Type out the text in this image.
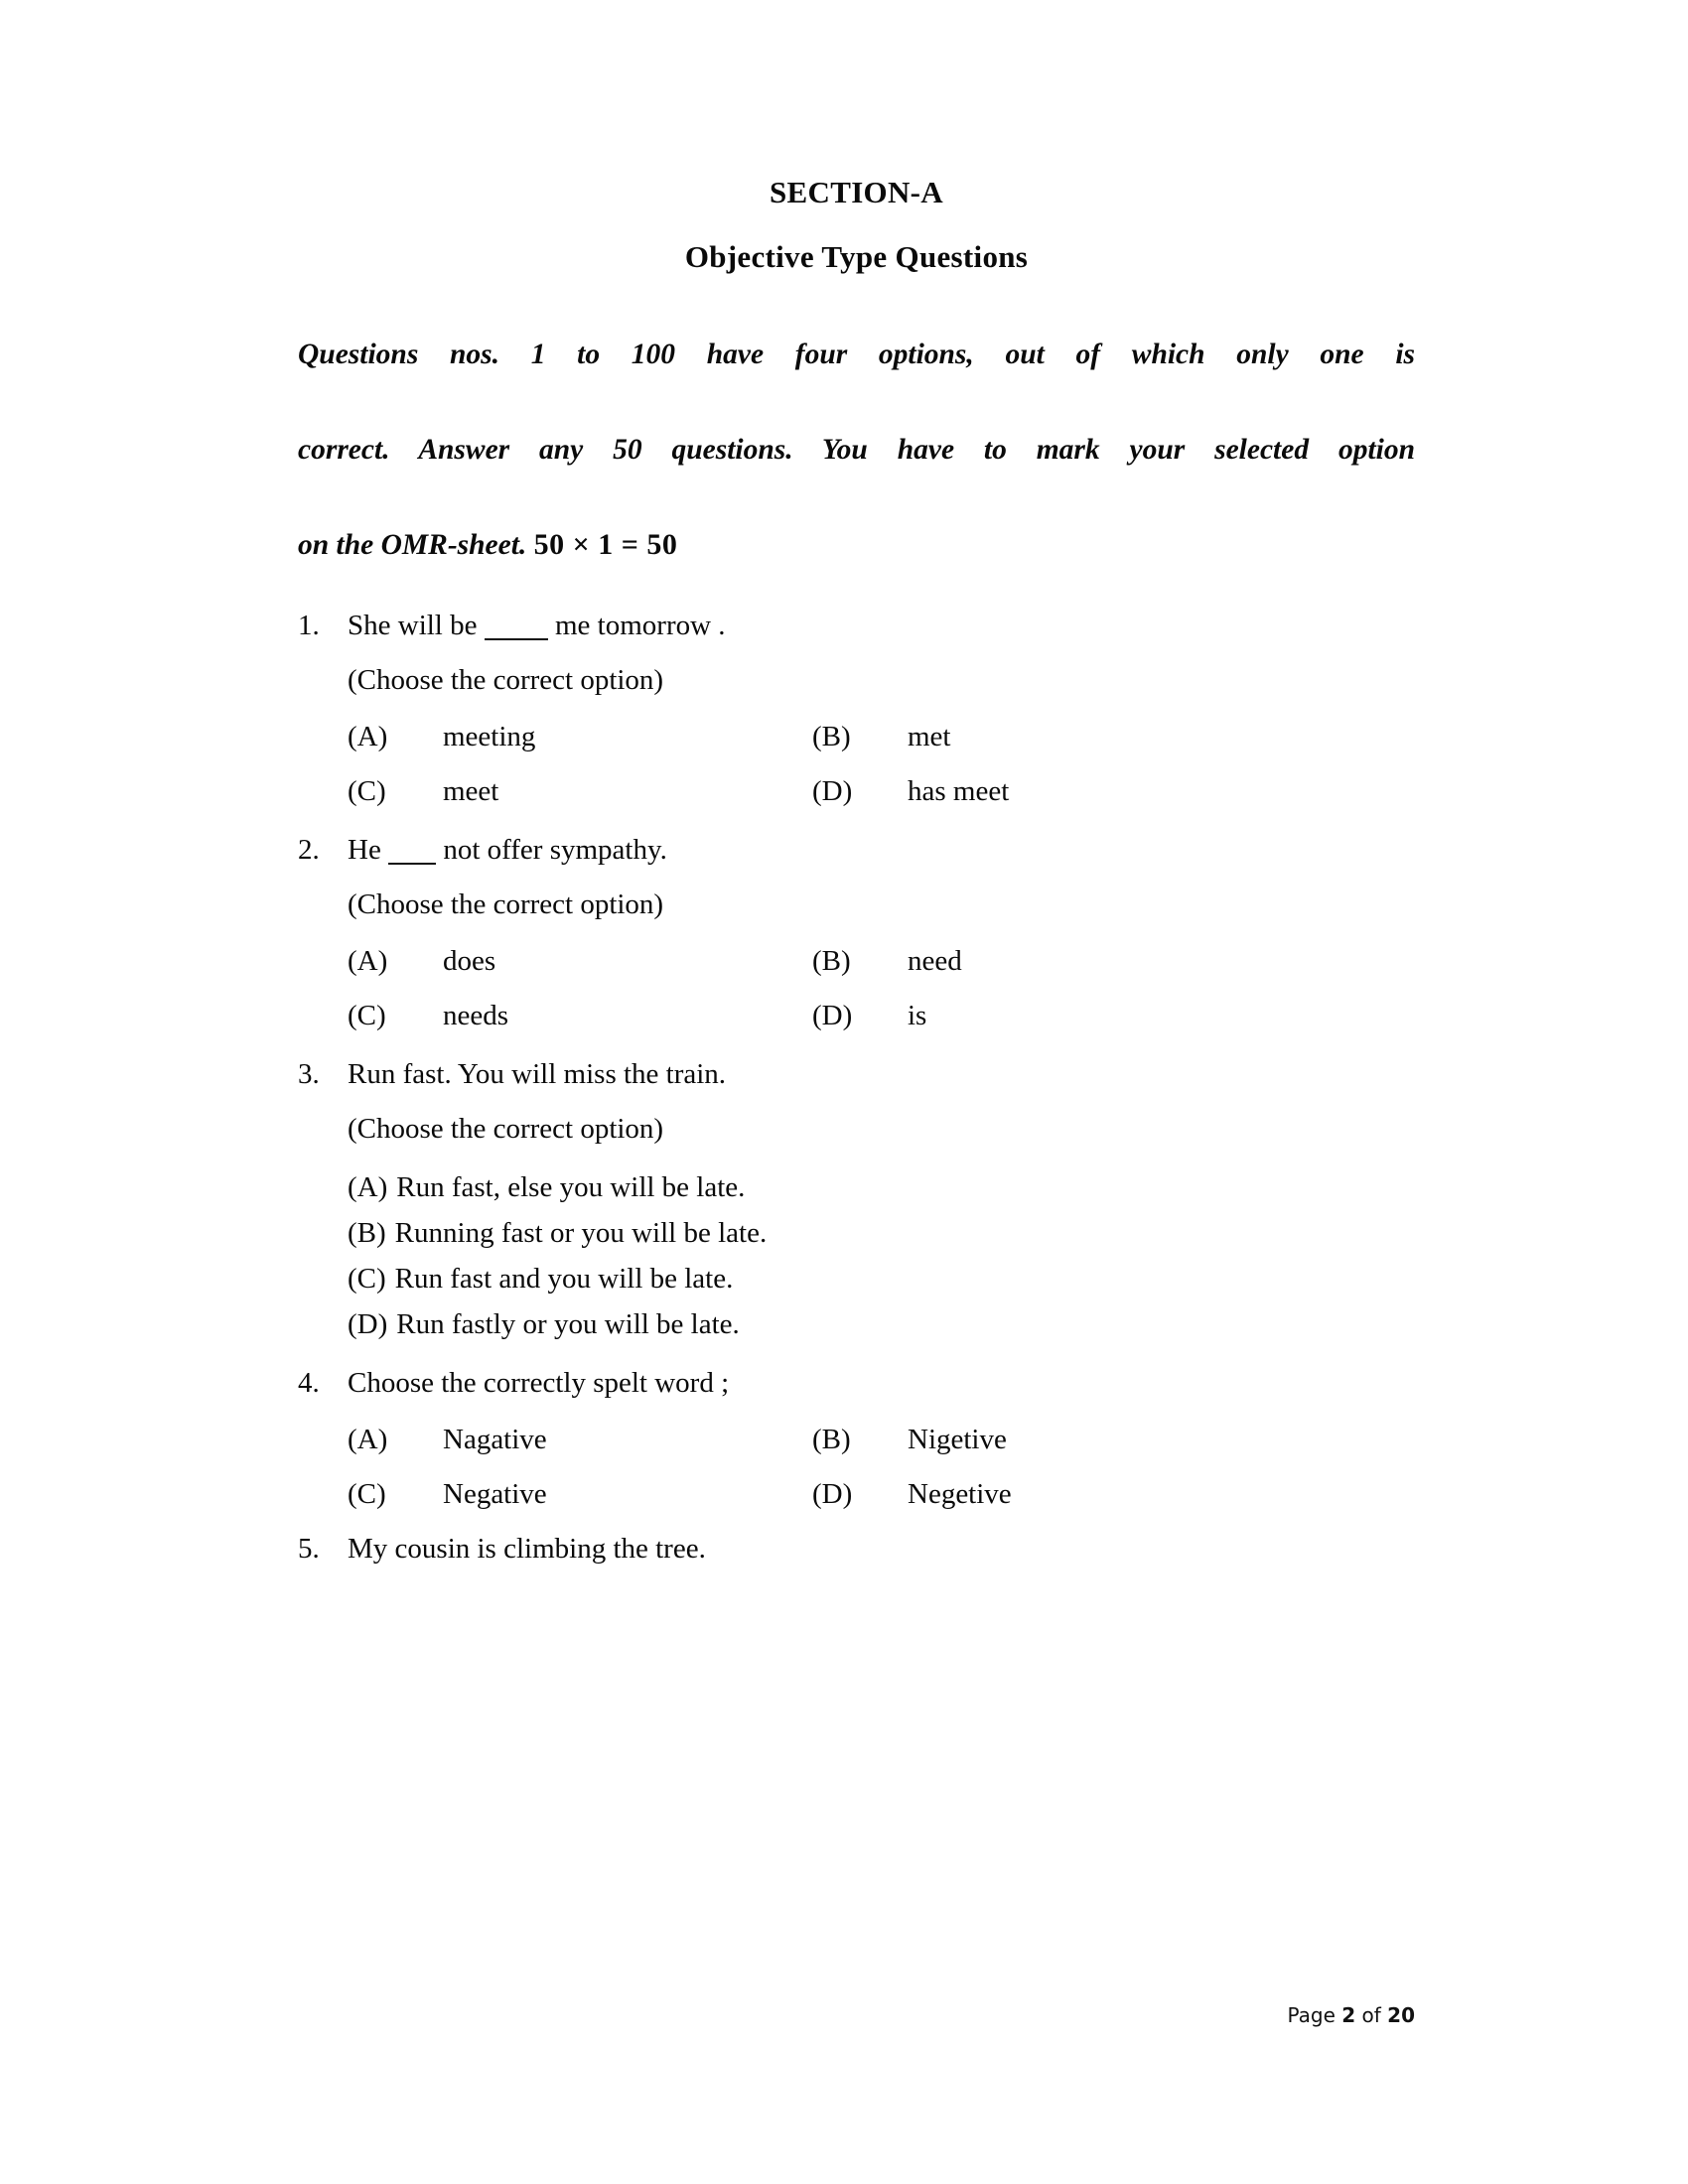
SECTION-A
Objective Type Questions
Questions nos. 1 to 100 have four options, out of which only one is
correct. Answer any 50 questions. You have to mark your selected option
on the OMR-sheet. 50 × 1 = 50
1. She will be  me tomorrow .
(Choose the correct option)
(A)	meeting	(B)	met
(C)	meet	(D)	has meet
2. He  not offer sympathy.
(Choose the correct option)
(A)	does	(B)	need
(C)	needs	(D)	is
3. Run fast. You will miss the train.
(Choose the correct option)
(A) Run fast, else you will be late.
(B) Running fast or you will be late.
(C) Run fast and you will be late.
(D) Run fastly or you will be late.
4. Choose the correctly spelt word ;
(A)	Nagative	(B)	Nigetive
(C)	Negative	(D)	Negetive
5. My cousin is climbing the tree.
Page 2 of 20
